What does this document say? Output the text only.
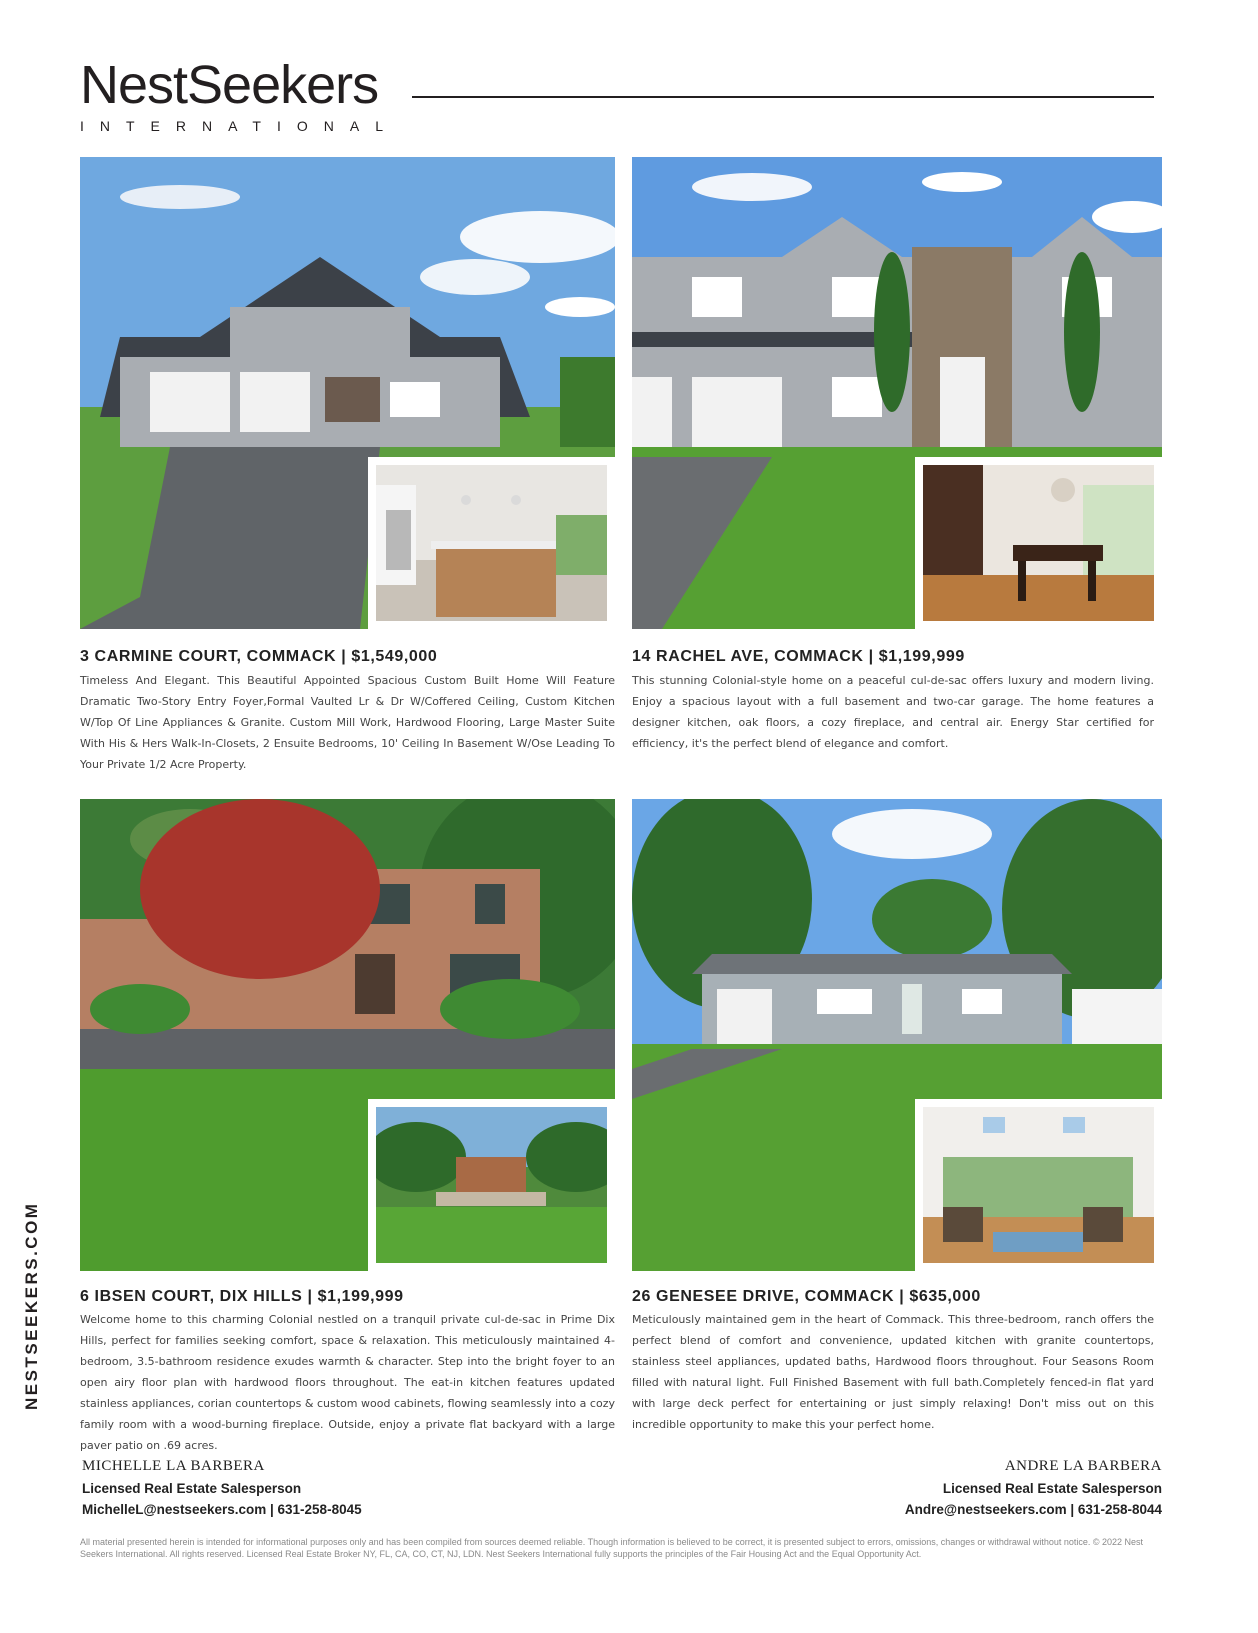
NestSeekers
INTERNATIONAL
3 CARMINE COURT, COMMACK | $1,549,000
Timeless And Elegant. This Beautiful Appointed Spacious Custom Built Home Will Feature Dramatic Two-Story Entry Foyer,Formal Vaulted Lr & Dr W/Coffered Ceiling, Custom Kitchen W/Top Of Line Appliances & Granite. Custom Mill Work, Hardwood Flooring, Large Master Suite With His & Hers Walk-In-Closets, 2 Ensuite Bedrooms, 10' Ceiling In Basement W/Ose Leading To Your Private 1/2 Acre Property.
14 RACHEL AVE, COMMACK | $1,199,999
This stunning Colonial-style home on a peaceful cul-de-sac offers luxury and modern living. Enjoy a spacious layout with a full basement and two-car garage. The home features a designer kitchen, oak floors, a cozy fireplace, and central air. Energy Star certified for efficiency, it's the perfect blend of elegance and comfort.
6 IBSEN COURT, DIX HILLS | $1,199,999
Welcome home to this charming Colonial nestled on a tranquil private cul-de-sac in Prime Dix Hills, perfect for families seeking comfort, space & relaxation. This meticulously maintained 4-bedroom, 3.5-bathroom residence exudes warmth & character. Step into the bright foyer to an open airy floor plan with hardwood floors throughout. The eat-in kitchen features updated stainless appliances, corian countertops & custom wood cabinets, flowing seamlessly into a cozy family room with a wood-burning fireplace. Outside, enjoy a private flat backyard with a large paver patio on .69 acres.
26 GENESEE DRIVE, COMMACK | $635,000
Meticulously maintained gem in the heart of Commack. This three-bedroom, ranch offers the perfect blend of comfort and convenience, updated kitchen with granite countertops, stainless steel appliances, updated baths, Hardwood floors throughout. Four Seasons Room filled with natural light. Full Finished Basement with full bath.Completely fenced-in flat yard with large deck perfect for entertaining or just simply relaxing! Don't miss out on this incredible opportunity to make this your perfect home.
NESTSEEKERS.COM
MICHELLE LA BARBERA
Licensed Real Estate Salesperson
MichelleL@nestseekers.com | 631-258-8045
ANDRE LA BARBERA
Licensed Real Estate Salesperson
Andre@nestseekers.com | 631-258-8044
All material presented herein is intended for informational purposes only and has been compiled from sources deemed reliable. Though information is believed to be correct, it is presented subject to errors, omissions, changes or withdrawal without notice. © 2022 Nest Seekers International. All rights reserved. Licensed Real Estate Broker NY, FL, CA, CO, CT, NJ, LDN. Nest Seekers International fully supports the principles of the Fair Housing Act and the Equal Opportunity Act.
